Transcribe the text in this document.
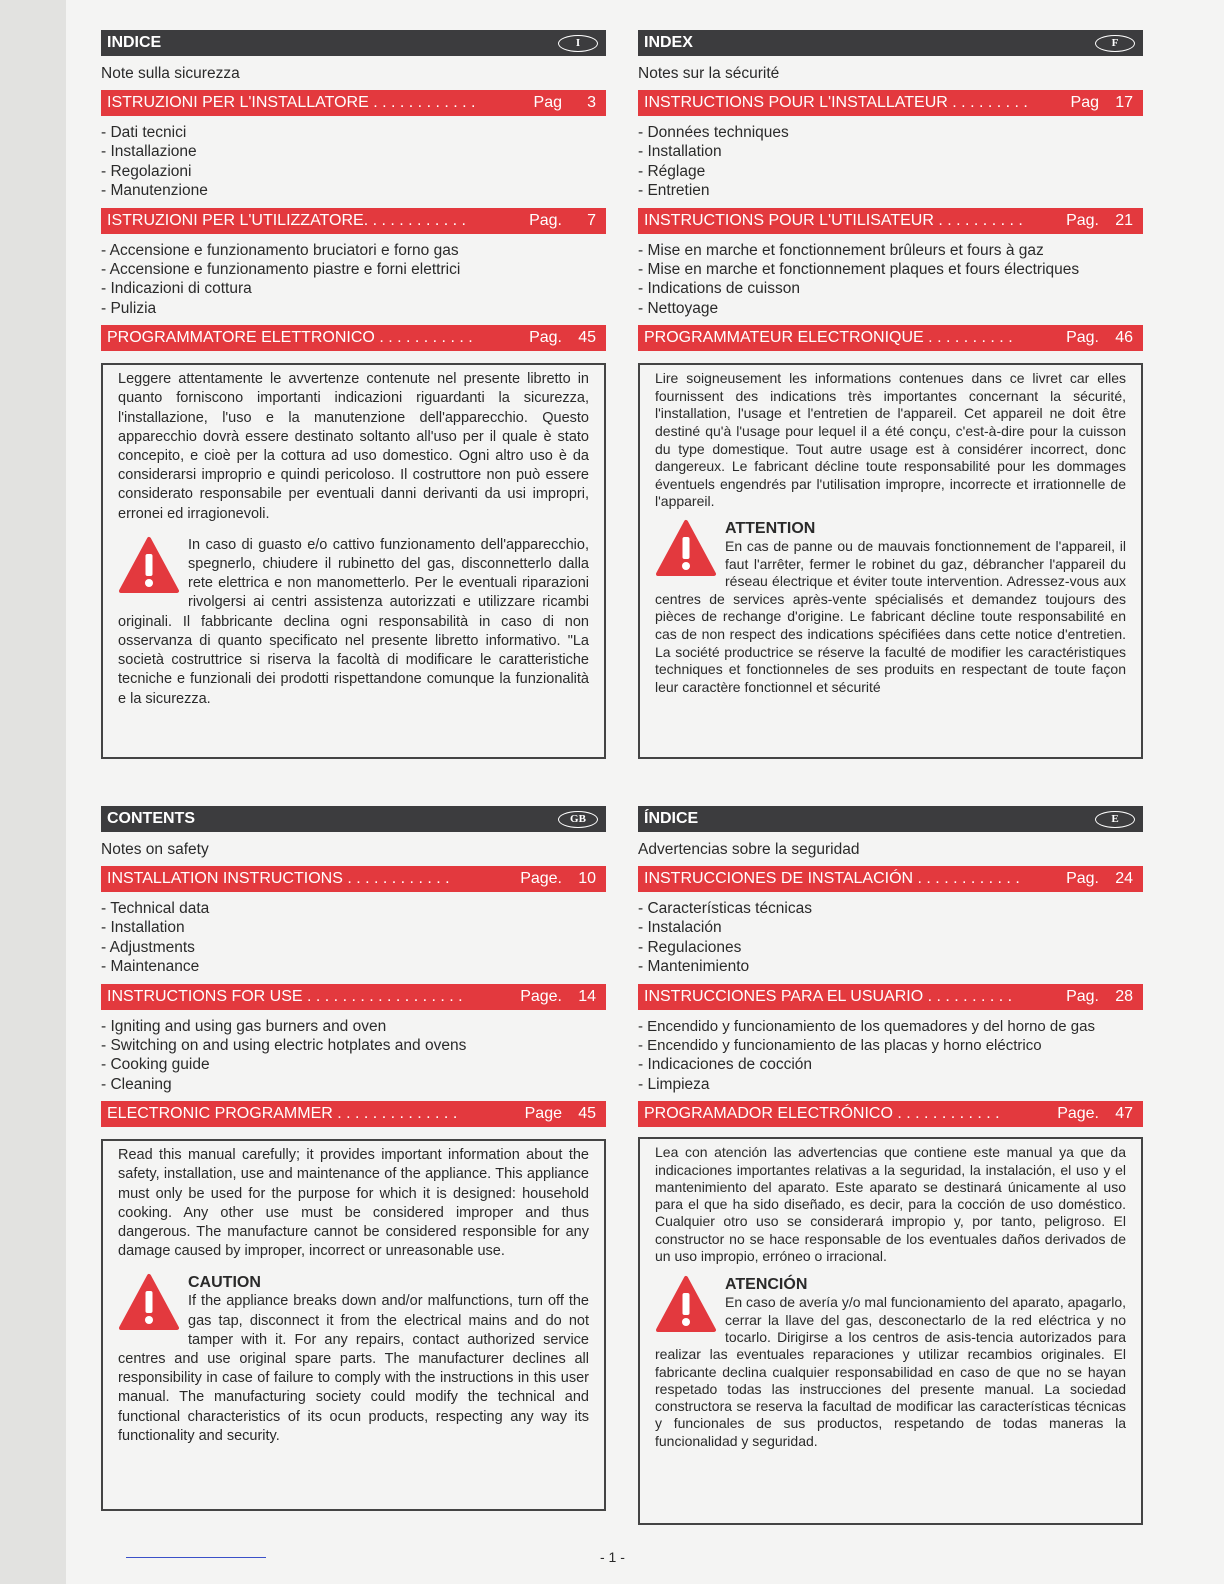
INDICE	I
Note sulla sicurezza
ISTRUZIONI PER L'INSTALLATORE . . . . . . . . . . . .	Pag 3
- Dati tecnici
- Installazione
- Regolazioni
- Manutenzione
ISTRUZIONI PER L'UTILIZZATORE. . . . . . . . . . . .	Pag. 7
- Accensione e funzionamento bruciatori e forno gas
- Accensione e funzionamento piastre e forni elettrici
- Indicazioni di cottura
- Pulizia
PROGRAMMATORE ELETTRONICO . . . . . . . . . . .	Pag. 45

Leggere attentamente le avvertenze contenute nel presente libretto in quanto forniscono importanti indicazioni riguardanti la sicurezza, l'installazione, l'uso e la manutenzione dell'apparecchio. Questo apparecchio dovrà essere destinato soltanto all'uso per il quale è stato concepito, e cioè per la cottura ad uso domestico. Ogni altro uso è da considerarsi improprio e quindi pericoloso. Il costruttore non può essere considerato responsabile per eventuali danni derivanti da usi impropri, erronei ed irragionevoli.

In caso di guasto e/o cattivo funzionamento dell'apparecchio, spegnerlo, chiudere il rubinetto del gas, disconnetterlo dalla rete elettrica e non manometterlo. Per le eventuali riparazioni rivolgersi ai centri assistenza autorizzati e utilizzare ricambi originali. Il fabbricante declina ogni responsabilità in caso di non osservanza di quanto specificato nel presente libretto informativo. "La società costruttrice si riserva la facoltà di modificare le caratteristiche tecniche e funzionali dei prodotti rispettandone comunque la funzionalità e la sicurezza.

INDEX	F
Notes sur la sécurité
INSTRUCTIONS POUR L'INSTALLATEUR . . . . . . . . .	Pag 17
- Données techniques
- Installation
- Réglage
- Entretien
INSTRUCTIONS POUR L'UTILISATEUR . . . . . . . . . .	Pag. 21
- Mise en marche et fonctionnement brûleurs et fours à gaz
- Mise en marche et fonctionnement plaques et fours électriques
- Indications de cuisson
- Nettoyage
PROGRAMMATEUR ELECTRONIQUE . . . . . . . . . .	Pag. 46

Lire soigneusement les informations contenues dans ce livret car elles fournissent des indications très importantes concernant la sécurité, l'installation, l'usage et l'entretien de l'appareil. Cet appareil ne doit être destiné qu'à l'usage pour lequel il a été conçu, c'est-à-dire pour la cuisson du type domestique. Tout autre usage est à considérer incorrect, donc dangereux. Le fabricant décline toute responsabilité pour les dommages éventuels engendrés par l'utilisation impropre, incorrecte et irrationnelle de l'appareil.

ATTENTION

En cas de panne ou de mauvais fonctionnement de l'appareil, il faut l'arrêter, fermer le robinet du gaz, débrancher l'appareil du réseau électrique et éviter toute intervention. Adressez-vous aux centres de services après-vente spécialisés et demandez toujours des pièces de rechange d'origine. Le fabricant décline toute responsabilité en cas de non respect des indications spécifiées dans cette notice d'entretien. La société productrice se réserve la faculté de modifier les caractéristiques techniques et fonctionneles de ses produits en respectant de toute façon leur caractère fonctionnel et sécurité

CONTENTS	GB
Notes on safety
INSTALLATION INSTRUCTIONS . . . . . . . . . . . .	Page. 10
- Technical data
- Installation
- Adjustments
- Maintenance
INSTRUCTIONS FOR USE . . . . . . . . . . . . . . . . . .	Page. 14
- Igniting and using gas burners and oven
- Switching on and using electric hotplates and ovens
- Cooking guide
- Cleaning
ELECTRONIC PROGRAMMER . . . . . . . . . . . . . .	Page 45

Read this manual carefully; it provides important information about the safety, installation, use and maintenance of the appliance. This appliance must only be used for the purpose for which it is designed: household cooking. Any other use must be considered improper and thus dangerous. The manufacture cannot be considered responsible for any damage caused by improper, incorrect or unreasonable use.

CAUTION

If the appliance breaks down and/or malfunctions, turn off the gas tap, disconnect it from the electrical mains and do not tamper with it. For any repairs, contact authorized service centres and use original spare parts. The manufacturer declines all responsibility in case of failure to comply with the instructions in this user manual. The manufacturing society could modify the technical and functional characteristics of its ocun products, respecting any way its functionality and security.

ÍNDICE	E
Advertencias sobre la seguridad
INSTRUCCIONES DE INSTALACIÓN . . . . . . . . . . . .	Pag. 24
- Características técnicas
- Instalación
- Regulaciones
- Mantenimiento
INSTRUCCIONES PARA EL USUARIO . . . . . . . . . .	Pag. 28
- Encendido y funcionamiento de los quemadores y del horno de gas
- Encendido y funcionamiento de las placas y horno eléctrico
- Indicaciones de cocción
- Limpieza
PROGRAMADOR ELECTRÓNICO . . . . . . . . . . . .	Page. 47

Lea con atención las advertencias que contiene este manual ya que da indicaciones importantes relativas a la seguridad, la instalación, el uso y el mantenimiento del aparato. Este aparato se destinará únicamente al uso para el que ha sido diseñado, es decir, para la cocción de uso doméstico. Cualquier otro uso se considerará impropio y, por tanto, peligroso. El constructor no se hace responsable de los eventuales daños derivados de un uso impropio, erróneo o irracional.

ATENCIÓN

En caso de avería y/o mal funcionamiento del aparato, apagarlo, cerrar la llave del gas, desconectarlo de la red eléctrica y no tocarlo. Dirigirse a los centros de asis-tencia autorizados para realizar las eventuales reparaciones y utilizar recambios originales. El fabricante declina cualquier responsabilidad en caso de que no se hayan respetado todas las instrucciones del presente manual. La sociedad constructora se reserva la facultad de modificar las características técnicas y funcionales de sus productos, respetando de todas maneras la funcionalidad y seguridad.

- 1 -
